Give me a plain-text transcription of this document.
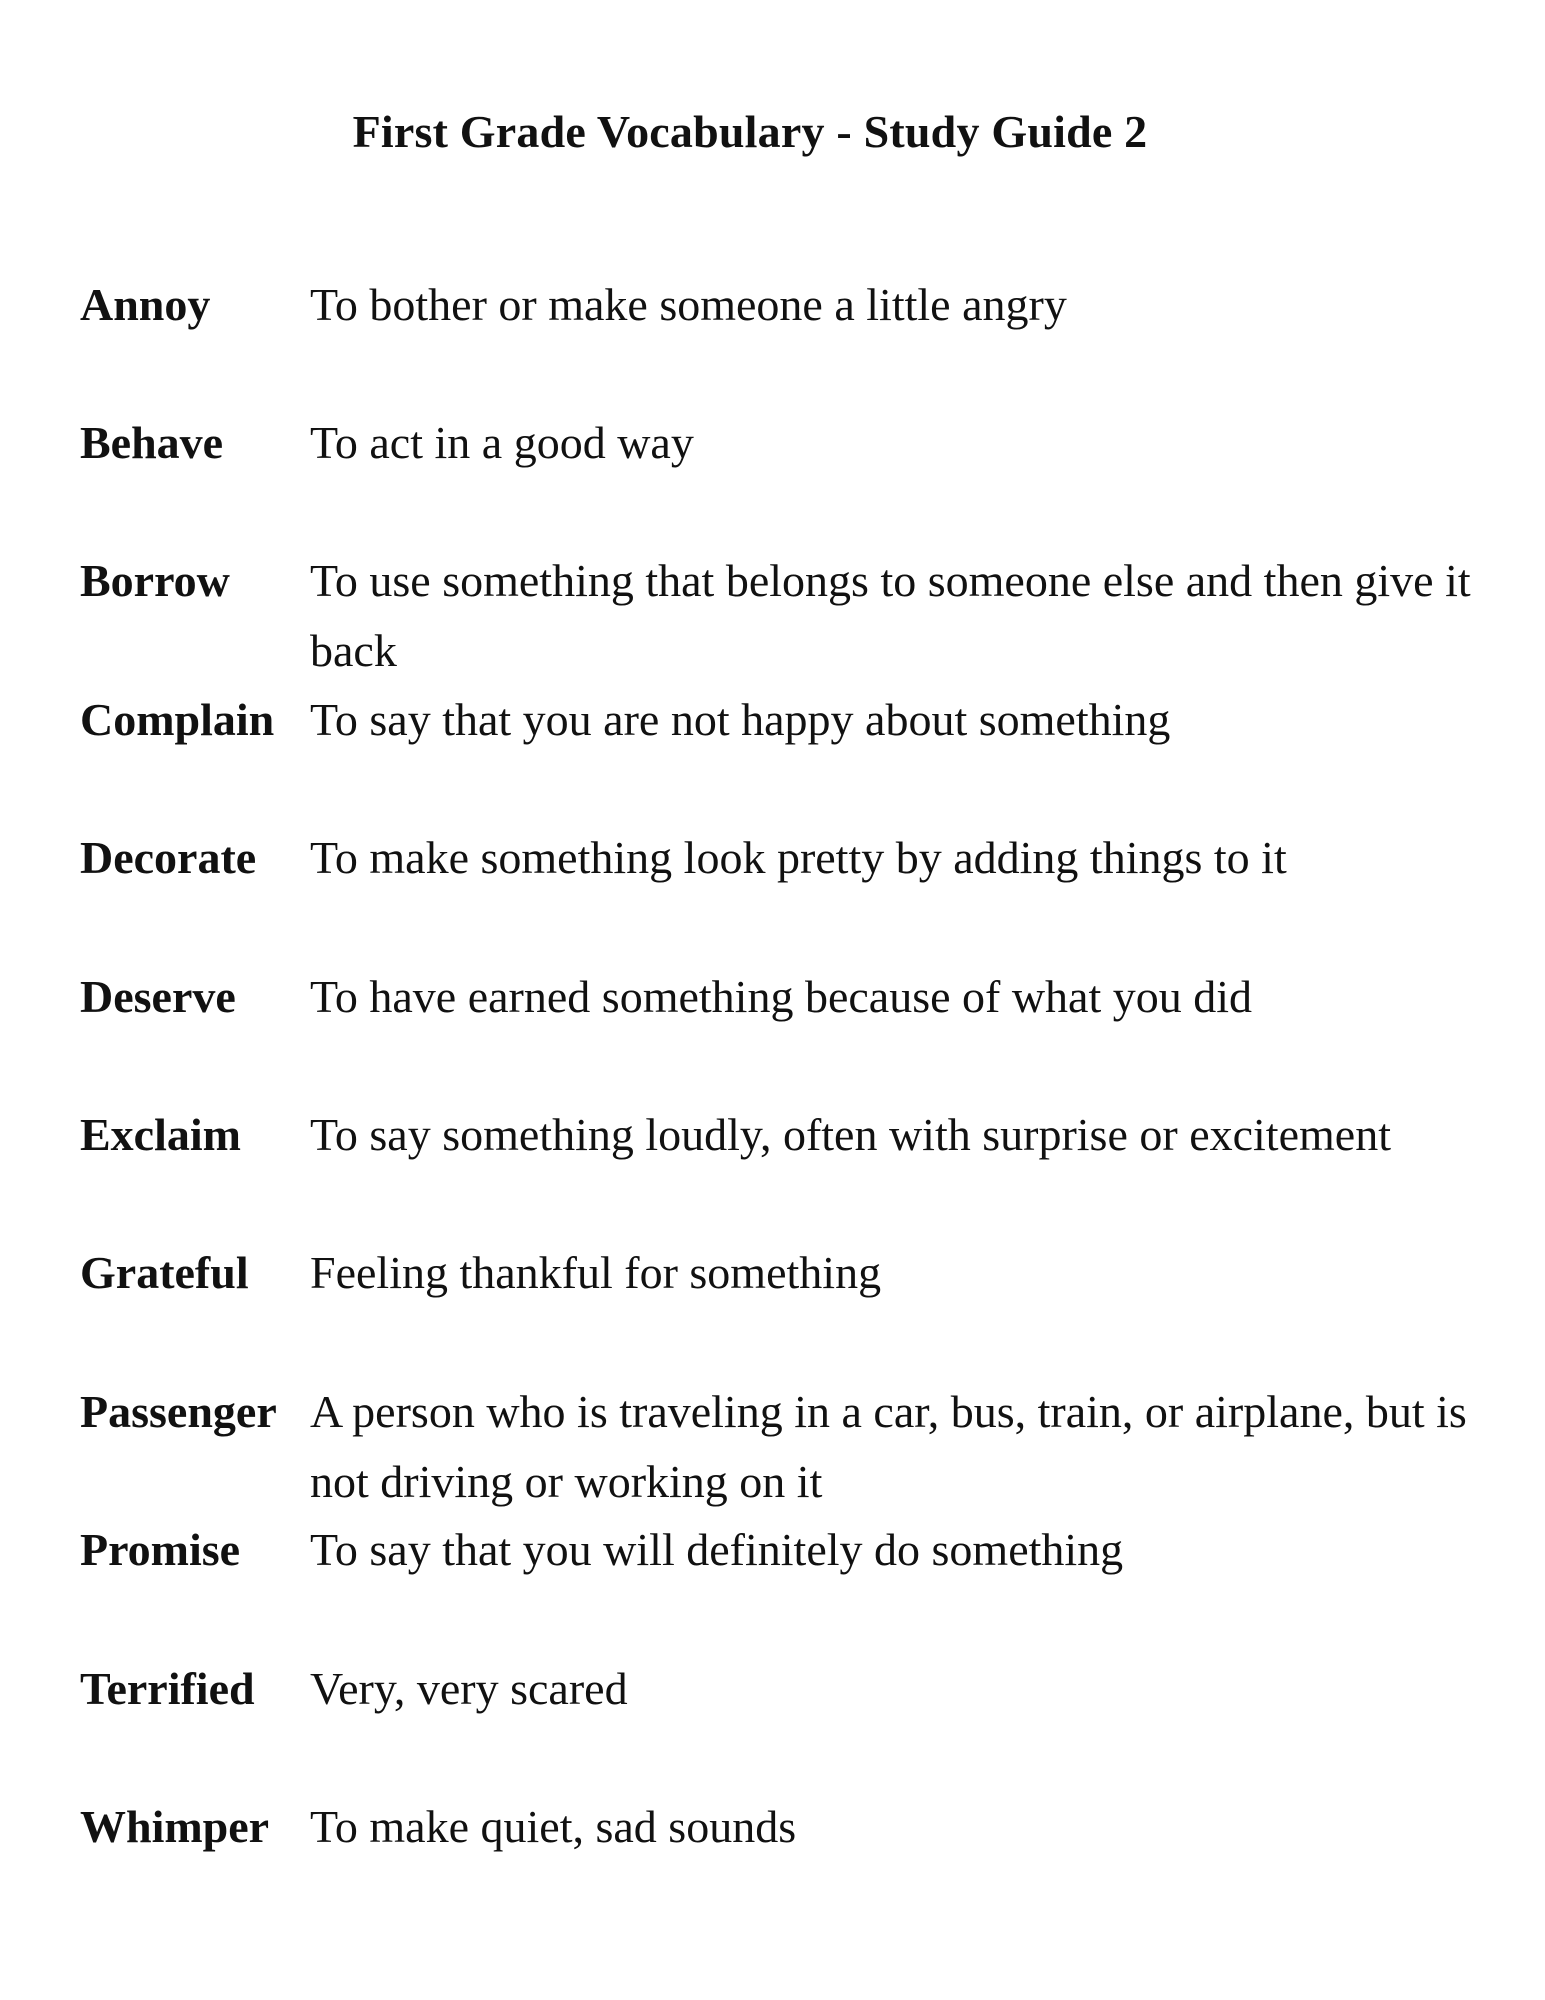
First Grade Vocabulary - Study Guide 2
Annoy	To bother or make someone a little angry
Behave	To act in a good way
Borrow	To use something that belongs to someone else and then give it back
Complain To say that you are not happy about something
Decorate	To make something look pretty by adding things to it
Deserve	To have earned something because of what you did
Exclaim	To say something loudly, often with surprise or excitement
Grateful	Feeling thankful for something
Passenger A person who is traveling in a car, bus, train, or airplane, but is not driving or working on it
Promise	To say that you will definitely do something
Terrified	Very, very scared
Whimper To make quiet, sad sounds
